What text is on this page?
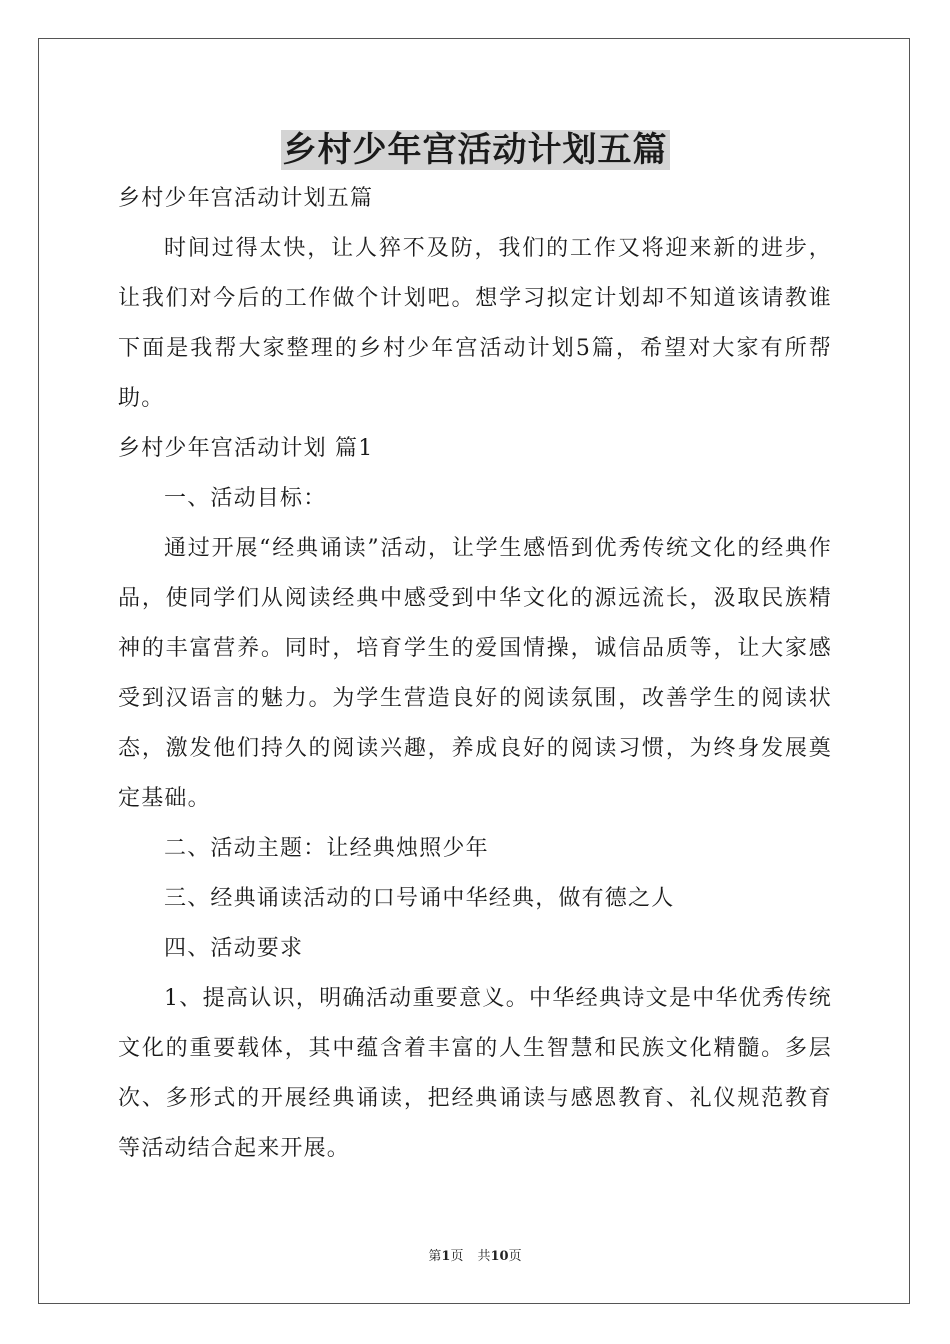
乡村少年宫活动计划五篇

乡村少年宫活动计划五篇

时间过得太快，让人猝不及防，我们的工作又将迎来新的进步，让我们对今后的工作做个计划吧。想学习拟定计划却不知道该请教谁下面是我帮大家整理的乡村少年宫活动计划5篇，希望对大家有所帮助。

乡村少年宫活动计划 篇1

一、活动目标：

通过开展“经典诵读”活动，让学生感悟到优秀传统文化的经典作品，使同学们从阅读经典中感受到中华文化的源远流长，汲取民族精神的丰富营养。同时，培育学生的爱国情操，诚信品质等，让大家感受到汉语言的魅力。为学生营造良好的阅读氛围，改善学生的阅读状态，激发他们持久的阅读兴趣，养成良好的阅读习惯，为终身发展奠定基础。

二、活动主题：让经典烛照少年

三、经典诵读活动的口号诵中华经典，做有德之人

四、活动要求

1、提高认识，明确活动重要意义。中华经典诗文是中华优秀传统文化的重要载体，其中蕴含着丰富的人生智慧和民族文化精髓。多层次、多形式的开展经典诵读，把经典诵读与感恩教育、礼仪规范教育等活动结合起来开展。

第1页 共10页
